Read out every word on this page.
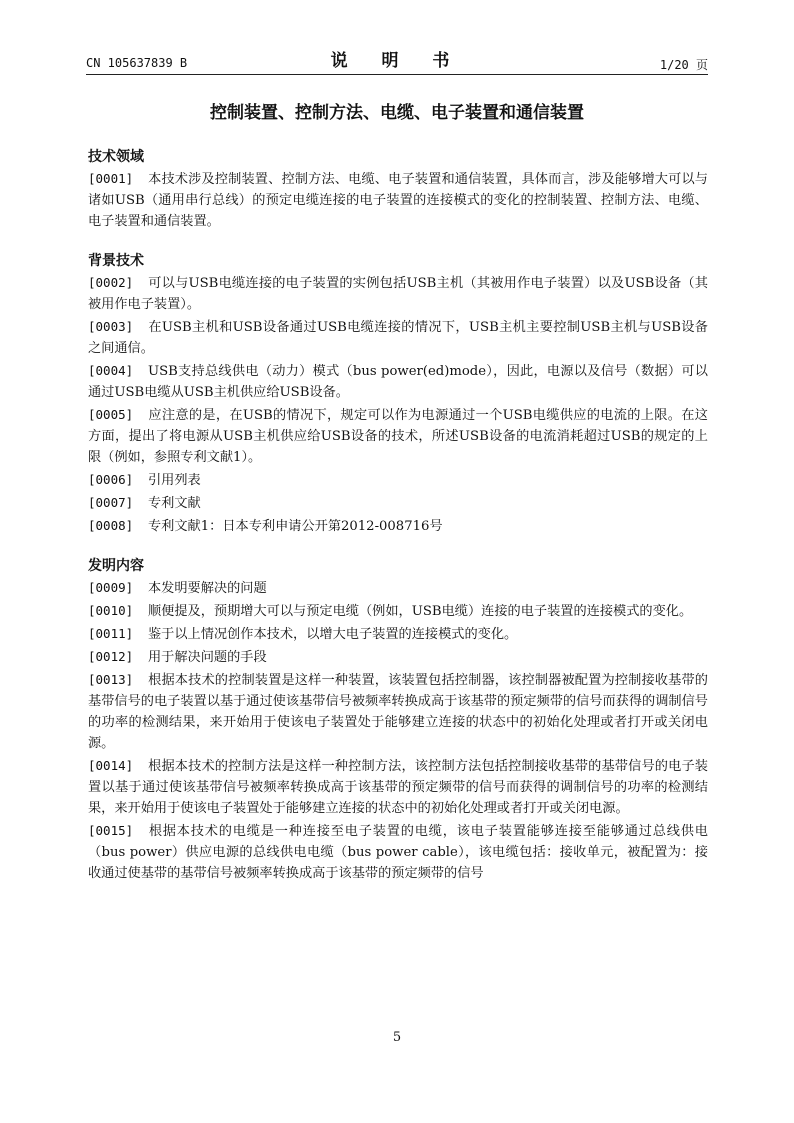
CN 105637839 B	说 明 书	1/20 页
控制装置、控制方法、电缆、电子装置和通信装置
技术领域

[0001] 本技术涉及控制装置、控制方法、电缆、电子装置和通信装置，具体而言，涉及能够增大可以与诸如USB（通用串行总线）的预定电缆连接的电子装置的连接模式的变化的控制装置、控制方法、电缆、电子装置和通信装置。

背景技术

[0002] 可以与USB电缆连接的电子装置的实例包括USB主机（其被用作电子装置）以及USB设备（其被用作电子装置）。

[0003] 在USB主机和USB设备通过USB电缆连接的情况下，USB主机主要控制USB主机与USB设备之间通信。

[0004] USB支持总线供电（动力）模式（bus power(ed)mode），因此，电源以及信号（数据）可以通过USB电缆从USB主机供应给USB设备。

[0005] 应注意的是，在USB的情况下，规定可以作为电源通过一个USB电缆供应的电流的上限。在这方面，提出了将电源从USB主机供应给USB设备的技术，所述USB设备的电流消耗超过USB的规定的上限（例如，参照专利文献1）。

[0006] 引用列表

[0007] 专利文献

[0008] 专利文献1：日本专利申请公开第2012-008716号

发明内容

[0009] 本发明要解决的问题

[0010] 顺便提及，预期增大可以与预定电缆（例如，USB电缆）连接的电子装置的连接模式的变化。

[0011] 鉴于以上情况创作本技术，以增大电子装置的连接模式的变化。

[0012] 用于解决问题的手段

[0013] 根据本技术的控制装置是这样一种装置，该装置包括控制器，该控制器被配置为控制接收基带的基带信号的电子装置以基于通过使该基带信号被频率转换成高于该基带的预定频带的信号而获得的调制信号的功率的检测结果，来开始用于使该电子装置处于能够建立连接的状态中的初始化处理或者打开或关闭电源。

[0014] 根据本技术的控制方法是这样一种控制方法，该控制方法包括控制接收基带的基带信号的电子装置以基于通过使该基带信号被频率转换成高于该基带的预定频带的信号而获得的调制信号的功率的检测结果，来开始用于使该电子装置处于能够建立连接的状态中的初始化处理或者打开或关闭电源。

[0015] 根据本技术的电缆是一种连接至电子装置的电缆，该电子装置能够连接至能够通过总线供电（bus power）供应电源的总线供电电缆（bus power cable），该电缆包括：接收单元，被配置为：接收通过使基带的基带信号被频率转换成高于该基带的预定频带的信号

5
